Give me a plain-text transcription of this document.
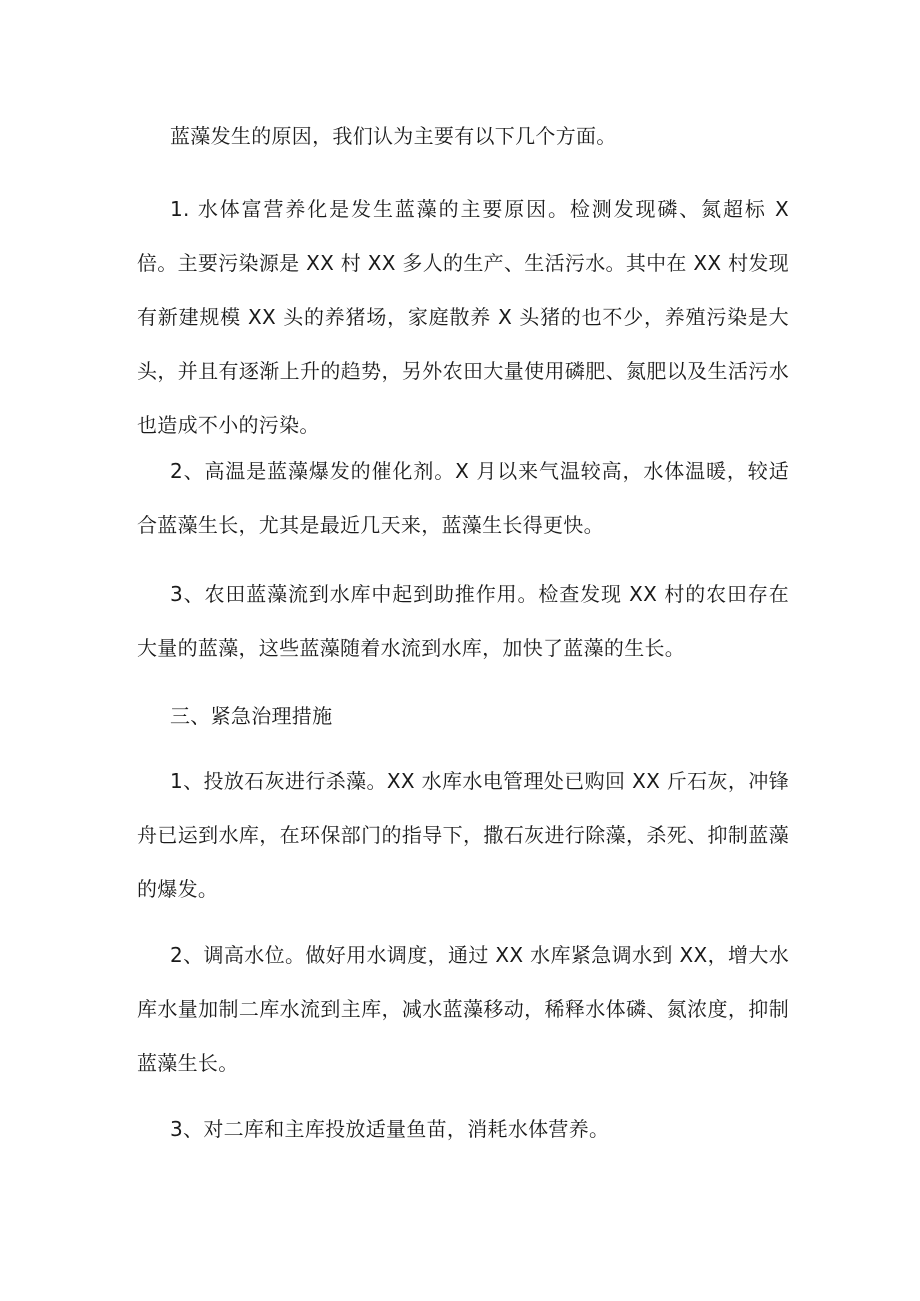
蓝藻发生的原因，我们认为主要有以下几个方面。

1. 水体富营养化是发生蓝藻的主要原因。检测发现磷、氮超标 X 倍。主要污染源是 XX 村 XX 多人的生产、生活污水。其中在 XX 村发现有新建规模 XX 头的养猪场，家庭散养 X 头猪的也不少，养殖污染是大头，并且有逐渐上升的趋势，另外农田大量使用磷肥、氮肥以及生活污水也造成不小的污染。

2、高温是蓝藻爆发的催化剂。X 月以来气温较高，水体温暖，较适合蓝藻生长，尤其是最近几天来，蓝藻生长得更快。

3、农田蓝藻流到水库中起到助推作用。检查发现 XX 村的农田存在大量的蓝藻，这些蓝藻随着水流到水库，加快了蓝藻的生长。

三、紧急治理措施

1、投放石灰进行杀藻。XX 水库水电管理处已购回 XX 斤石灰，冲锋舟已运到水库，在环保部门的指导下，撒石灰进行除藻，杀死、抑制蓝藻的爆发。

2、调高水位。做好用水调度，通过 XX 水库紧急调水到 XX，增大水库水量加制二库水流到主库，减水蓝藻移动，稀释水体磷、氮浓度，抑制蓝藻生长。

3、对二库和主库投放适量鱼苗，消耗水体营养。
